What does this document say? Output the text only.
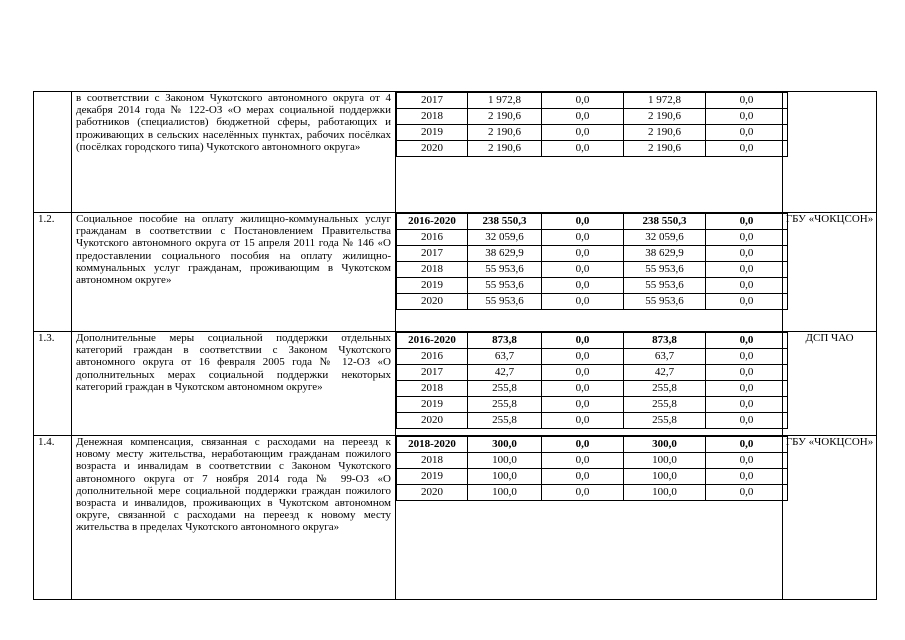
	в соответствии с Законом Чукотского автономного округа от 4 декабря 2014 года № 122-ОЗ «О мерах социальной поддержки работников (специалистов) бюджетной сферы, работающих и проживающих в сельских населённых пунктах, рабочих посёлках (посёлках городского типа) Чукотского автономного округа»	
2017	1 972,8	0,0	1 972,8	0,0
2018	2 190,6	0,0	2 190,6	0,0
2019	2 190,6	0,0	2 190,6	0,0
2020	2 190,6	0,0	2 190,6	0,0

1.2.	Социальное пособие на оплату жилищно-коммунальных услуг гражданам в соответствии с Постановлением Правительства Чукотского автономного округа от 15 апреля 2011 года № 146 «О предоставлении социального пособия на оплату жилищно-коммунальных услуг гражданам, проживающим в Чукотском автономном округе»	
2016-2020	238 550,3	0,0	238 550,3	0,0
2016	32 059,6	0,0	32 059,6	0,0
2017	38 629,9	0,0	38 629,9	0,0
2018	55 953,6	0,0	55 953,6	0,0
2019	55 953,6	0,0	55 953,6	0,0
2020	55 953,6	0,0	55 953,6	0,0
	ГБУ «ЧОКЦСОН»
1.3.	Дополнительные меры социальной поддержки отдельных категорий граждан в соответствии с Законом Чукотского автономного округа от 16 февраля 2005 года № 12-ОЗ «О дополнительных мерах социальной поддержки некоторых категорий граждан в Чукотском автономном округе»	
2016-2020	873,8	0,0	873,8	0,0
2016	63,7	0,0	63,7	0,0
2017	42,7	0,0	42,7	0,0
2018	255,8	0,0	255,8	0,0
2019	255,8	0,0	255,8	0,0
2020	255,8	0,0	255,8	0,0
	ДСП ЧАО
1.4.	Денежная компенсация, связанная с расходами на переезд к новому месту жительства, неработающим гражданам пожилого возраста и инвалидам в соответствии с Законом Чукотского автономного округа от 7 ноября 2014 года № 99-ОЗ «О дополнительной мере социальной поддержки граждан пожилого возраста и инвалидов, проживающих в Чукотском автономном округе, связанной с расходами на переезд к новому месту жительства в пределах Чукотского автономного округа»	
2018-2020	300,0	0,0	300,0	0,0
2018	100,0	0,0	100,0	0,0
2019	100,0	0,0	100,0	0,0
2020	100,0	0,0	100,0	0,0
	ГБУ «ЧОКЦСОН»
